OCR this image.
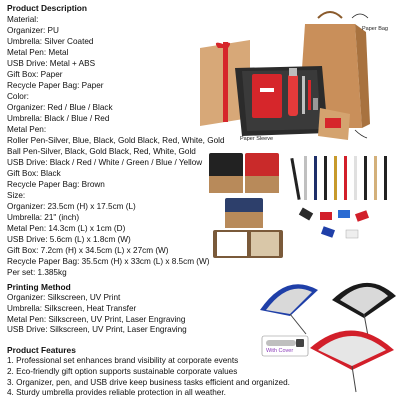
Product Description
Material:
Organizer: PU
Umbrella: Silver Coated
Metal Pen: Metal
USB Drive: Metal + ABS
Gift Box: Paper
Recycle Paper Bag: Paper
Color:
Organizer: Red / Blue / Black
Umbrella: Black / Blue / Red
Metal Pen:
Roller Pen-Silver, Blue, Black, Gold Black, Red, White, Gold
Ball Pen-Silver, Black, Gold Black, Red, White, Gold
USB Drive: Black / Red / White / Green / Blue / Yellow
Gift Box: Black
Recycle Paper Bag: Brown
Size:
Organizer: 23.5cm (H) x 17.5cm (L)
Umbrella: 21" (inch)
Metal Pen: 14.3cm (L) x 1cm (D)
USB Drive: 5.6cm (L) x 1.8cm (W)
Gift Box: 7.2cm (H) x 34.5cm (L) x 27cm (W)
Recycle Paper Bag: 35.5cm (H) x 33cm (L) x 8.5cm (W)
Per set: 1.385kg
Printing Method
Organizer: Silkscreen, UV Print
Umbrella: Silkscreen, Heat Transfer
Metal Pen: Silkscreen, UV Print, Laser Engraving
USB Drive: Silkscreen, UV Print, Laser Engraving
Product Features
1. Professional set enhances brand visibility at corporate events
2. Eco-friendly gift option supports sustainable corporate values
3. Organizer, pen, and USB drive keep business tasks efficient and organized.
4. Sturdy umbrella provides reliable protection in all weather.
Paper Bag
Paper Sleeve
With Cover
